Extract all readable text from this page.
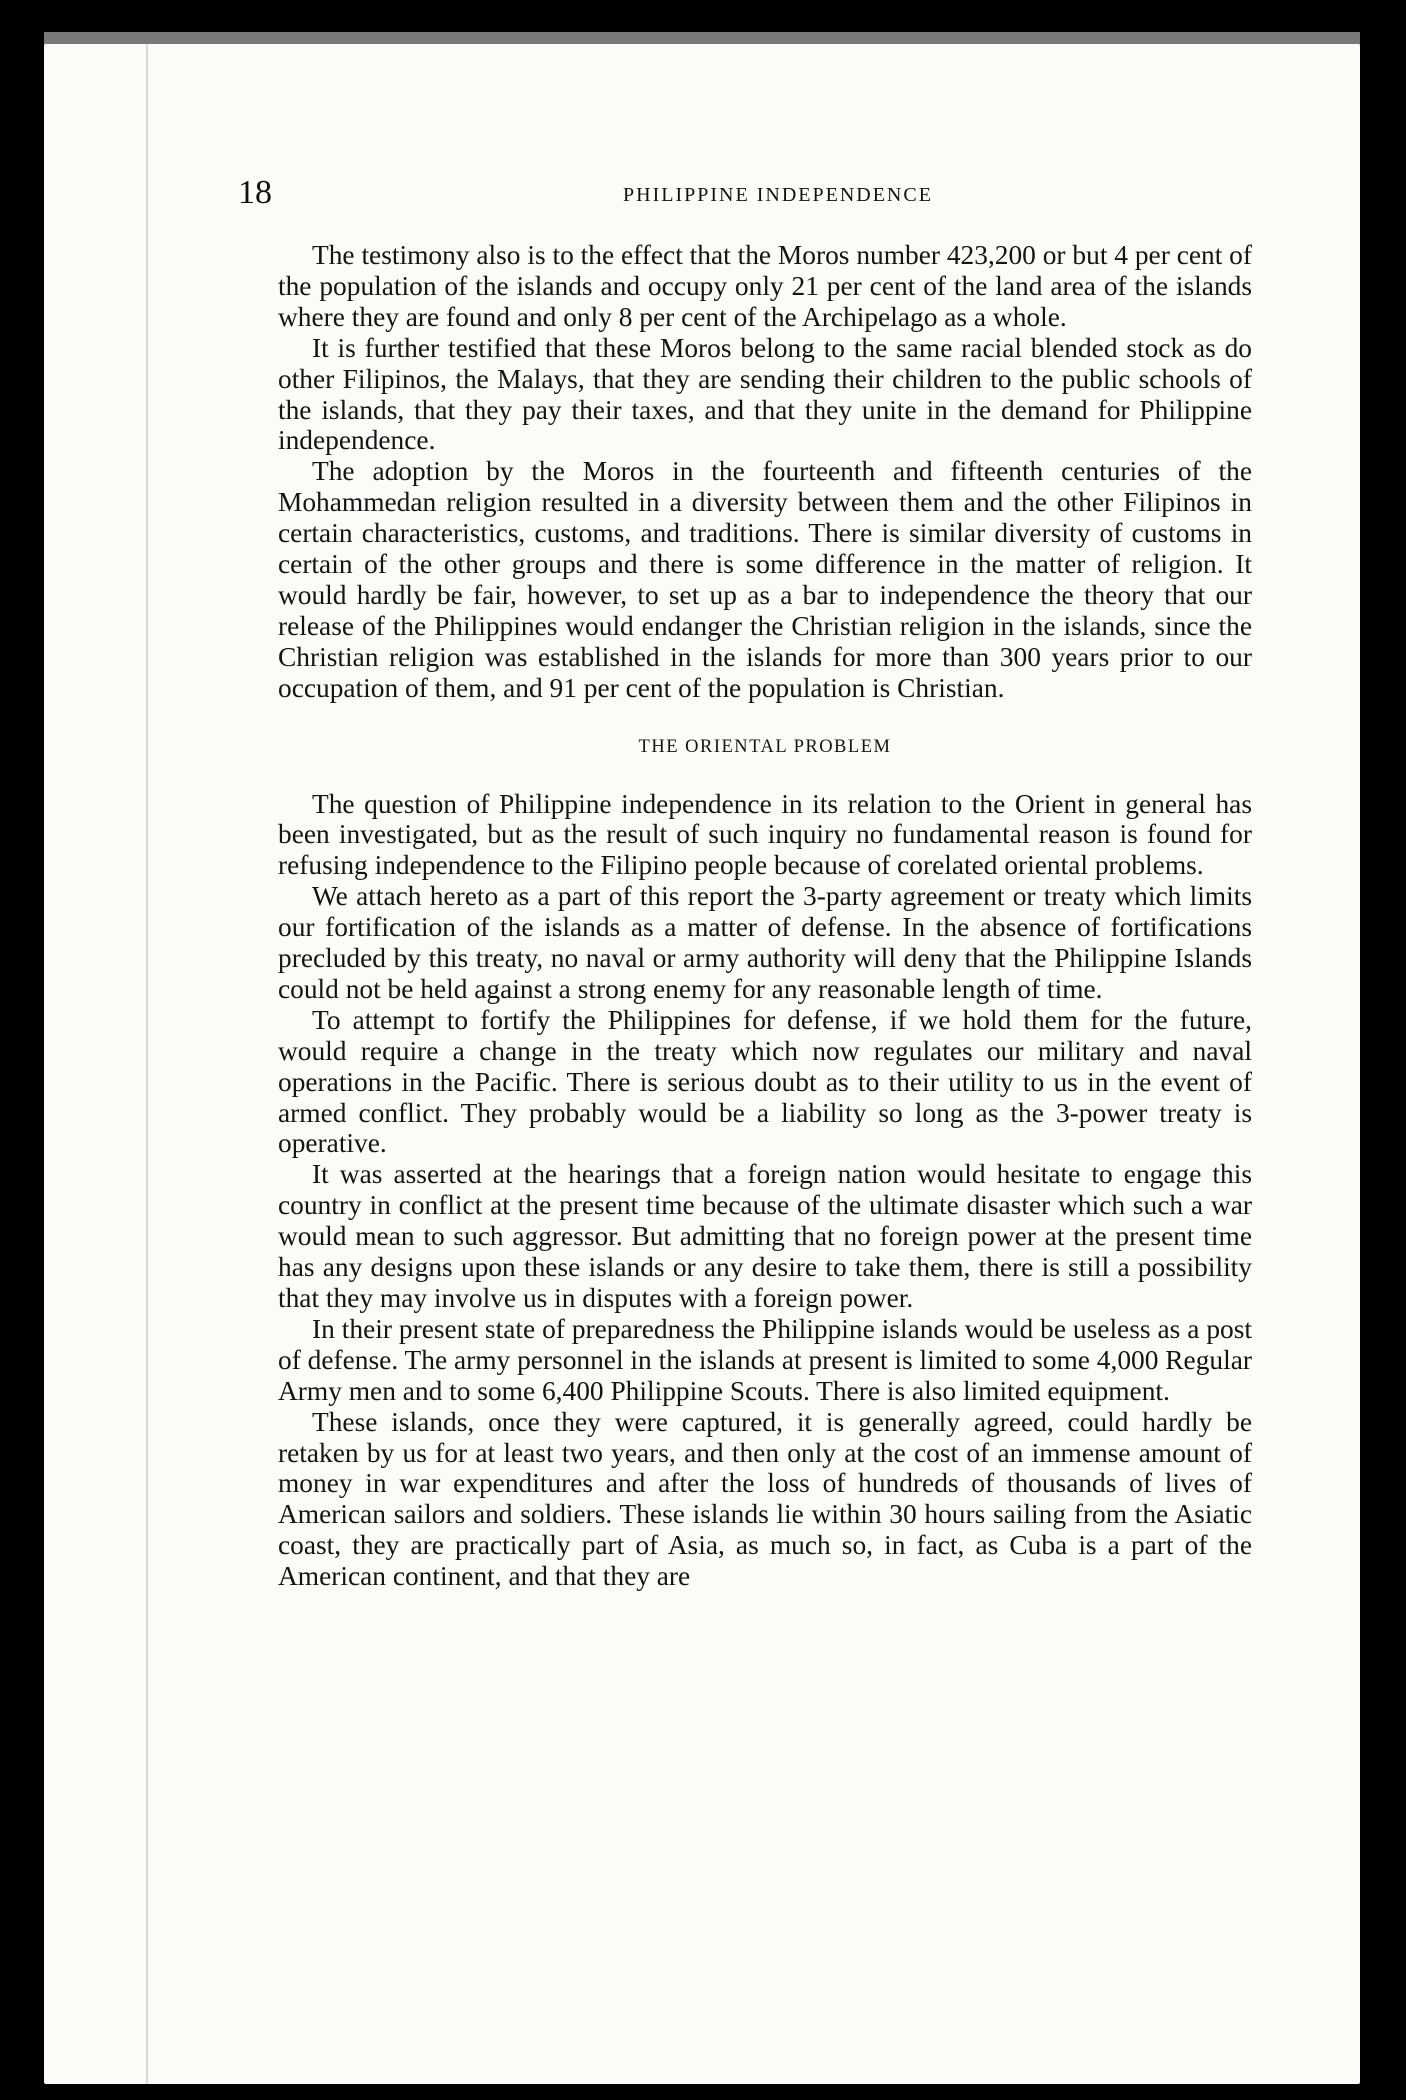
18	PHILIPPINE INDEPENDENCE

The testimony also is to the effect that the Moros number 423,200 or but 4 per cent of the population of the islands and occupy only 21 per cent of the land area of the islands where they are found and only 8 per cent of the Archipelago as a whole.

It is further testified that these Moros belong to the same racial blended stock as do other Filipinos, the Malays, that they are sending their children to the public schools of the islands, that they pay their taxes, and that they unite in the demand for Philippine independence.

The adoption by the Moros in the fourteenth and fifteenth centuries of the Mohammedan religion resulted in a diversity between them and the other Filipinos in certain characteristics, customs, and traditions. There is similar diversity of customs in certain of the other groups and there is some difference in the matter of religion. It would hardly be fair, however, to set up as a bar to independence the theory that our release of the Philippines would endanger the Christian religion in the islands, since the Christian religion was established in the islands for more than 300 years prior to our occupation of them, and 91 per cent of the population is Christian.

THE ORIENTAL PROBLEM

The question of Philippine independence in its relation to the Orient in general has been investigated, but as the result of such inquiry no fundamental reason is found for refusing independence to the Filipino people because of corelated oriental problems.

We attach hereto as a part of this report the 3-party agreement or treaty which limits our fortification of the islands as a matter of defense. In the absence of fortifications precluded by this treaty, no naval or army authority will deny that the Philippine Islands could not be held against a strong enemy for any reasonable length of time.

To attempt to fortify the Philippines for defense, if we hold them for the future, would require a change in the treaty which now regulates our military and naval operations in the Pacific. There is serious doubt as to their utility to us in the event of armed conflict. They probably would be a liability so long as the 3-power treaty is operative.

It was asserted at the hearings that a foreign nation would hesitate to engage this country in conflict at the present time because of the ultimate disaster which such a war would mean to such aggressor. But admitting that no foreign power at the present time has any designs upon these islands or any desire to take them, there is still a possibility that they may involve us in disputes with a foreign power.

In their present state of preparedness the Philippine islands would be useless as a post of defense. The army personnel in the islands at present is limited to some 4,000 Regular Army men and to some 6,400 Philippine Scouts. There is also limited equipment.

These islands, once they were captured, it is generally agreed, could hardly be retaken by us for at least two years, and then only at the cost of an immense amount of money in war expenditures and after the loss of hundreds of thousands of lives of American sailors and soldiers. These islands lie within 30 hours sailing from the Asiatic coast, they are practically part of Asia, as much so, in fact, as Cuba is a part of the American continent, and that they are
